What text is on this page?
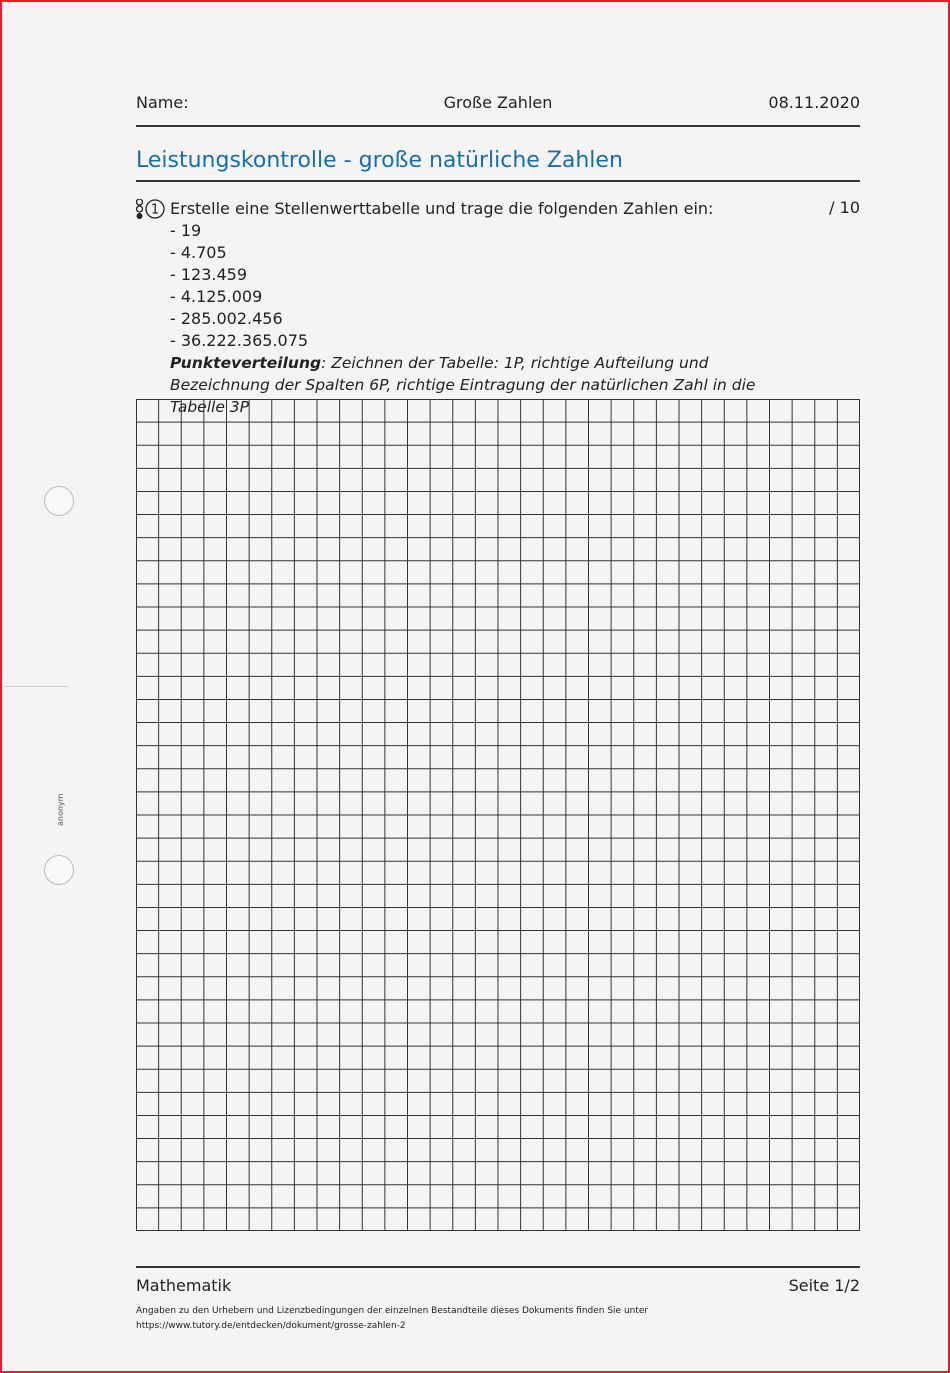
Name:	Große Zahlen	08.11.2020
Leistungskontrolle - große natürliche Zahlen
1 Erstelle eine Stellenwerttabelle und trage die folgenden Zahlen ein:	/ 10
- 19
- 4.705
- 123.459
- 4.125.009
- 285.002.456
- 36.222.365.075
Punkteverteilung: Zeichnen der Tabelle: 1P, richtige Aufteilung und Bezeichnung der Spalten 6P, richtige Eintragung der natürlichen Zahl in die Tabelle 3P
anonym
Mathematik	Seite 1/2
Angaben zu den Urhebern und Lizenzbedingungen der einzelnen Bestandteile dieses Dokuments finden Sie unter
https://www.tutory.de/entdecken/dokument/grosse-zahlen-2
